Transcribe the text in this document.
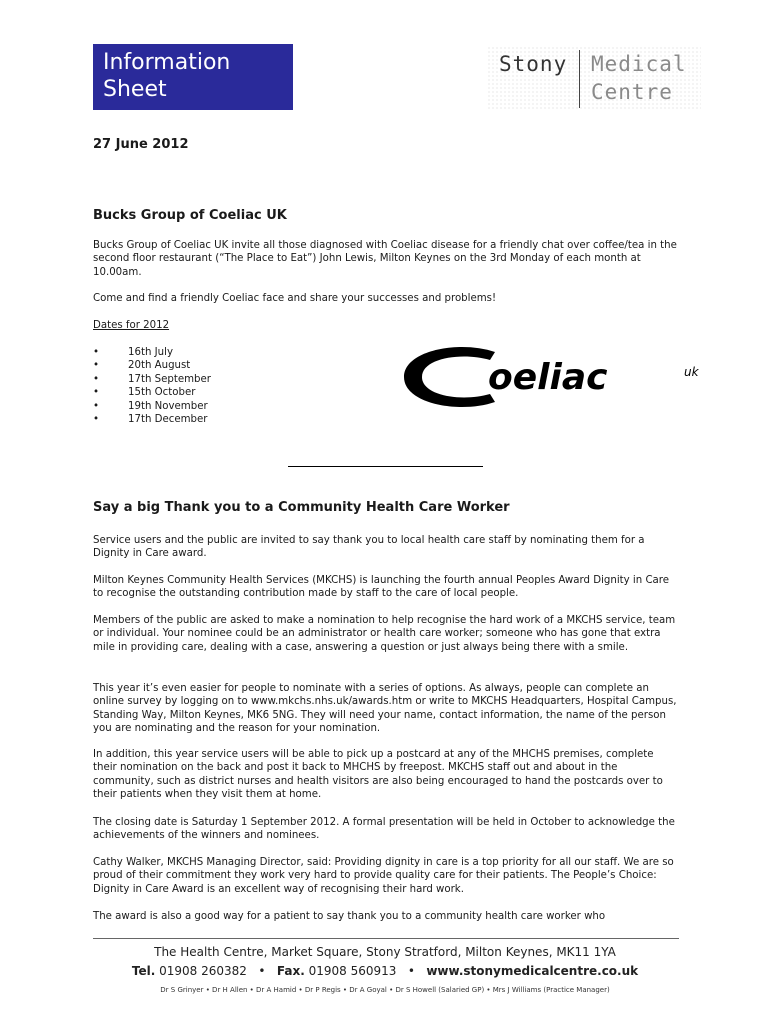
Information
Sheet
Stony Medical
Centre
27 June 2012
Bucks Group of Coeliac UK

Bucks Group of Coeliac UK invite all those diagnosed with Coeliac disease for a friendly chat over coffee/tea in the second floor restaurant (“The Place to Eat”) John Lewis, Milton Keynes on the 3rd Monday of each month at 10.00am.

Come and find a friendly Coeliac face and share your successes and problems!

Dates for 2012
• 16th July
• 20th August
• 17th September
• 15th October
• 19th November
• 17th December
oeliac	uk
Say a big Thank you to a Community Health Care Worker

Service users and the public are invited to say thank you to local health care staff by nominating them for a Dignity in Care award.

Milton Keynes Community Health Services (MKCHS) is launching the fourth annual Peoples Award Dignity in Care to recognise the outstanding contribution made by staff to the care of local people.

Members of the public are asked to make a nomination to help recognise the hard work of a MKCHS service, team or individual. Your nominee could be an administrator or health care worker; someone who has gone that extra mile in providing care, dealing with a case, answering a question or just always being there with a smile.

This year it’s even easier for people to nominate with a series of options. As always, people can complete an online survey by logging on to www.mkchs.nhs.uk/awards.htm or write to MKCHS Headquarters, Hospital Campus, Standing Way, Milton Keynes, MK6 5NG. They will need your name, contact information, the name of the person you are nominating and the reason for your nomination.

In addition, this year service users will be able to pick up a postcard at any of the MHCHS premises, complete their nomination on the back and post it back to MHCHS by freepost. MKCHS staff out and about in the community, such as district nurses and health visitors are also being encouraged to hand the postcards over to their patients when they visit them at home.

The closing date is Saturday 1 September 2012. A formal presentation will be held in October to acknowledge the achievements of the winners and nominees.

Cathy Walker, MKCHS Managing Director, said: Providing dignity in care is a top priority for all our staff. We are so proud of their commitment they work very hard to provide quality care for their patients. The People’s Choice: Dignity in Care Award is an excellent way of recognising their hard work.

The award is also a good way for a patient to say thank you to a community health care worker who

The Health Centre, Market Square, Stony Stratford, Milton Keynes, MK11 1YA
Tel. 01908 260382   •   Fax. 01908 560913   •   www.stonymedicalcentre.co.uk
Dr S Grinyer • Dr H Allen • Dr A Hamid • Dr P Regis • Dr A Goyal • Dr S Howell (Salaried GP) • Mrs J Williams (Practice Manager)
